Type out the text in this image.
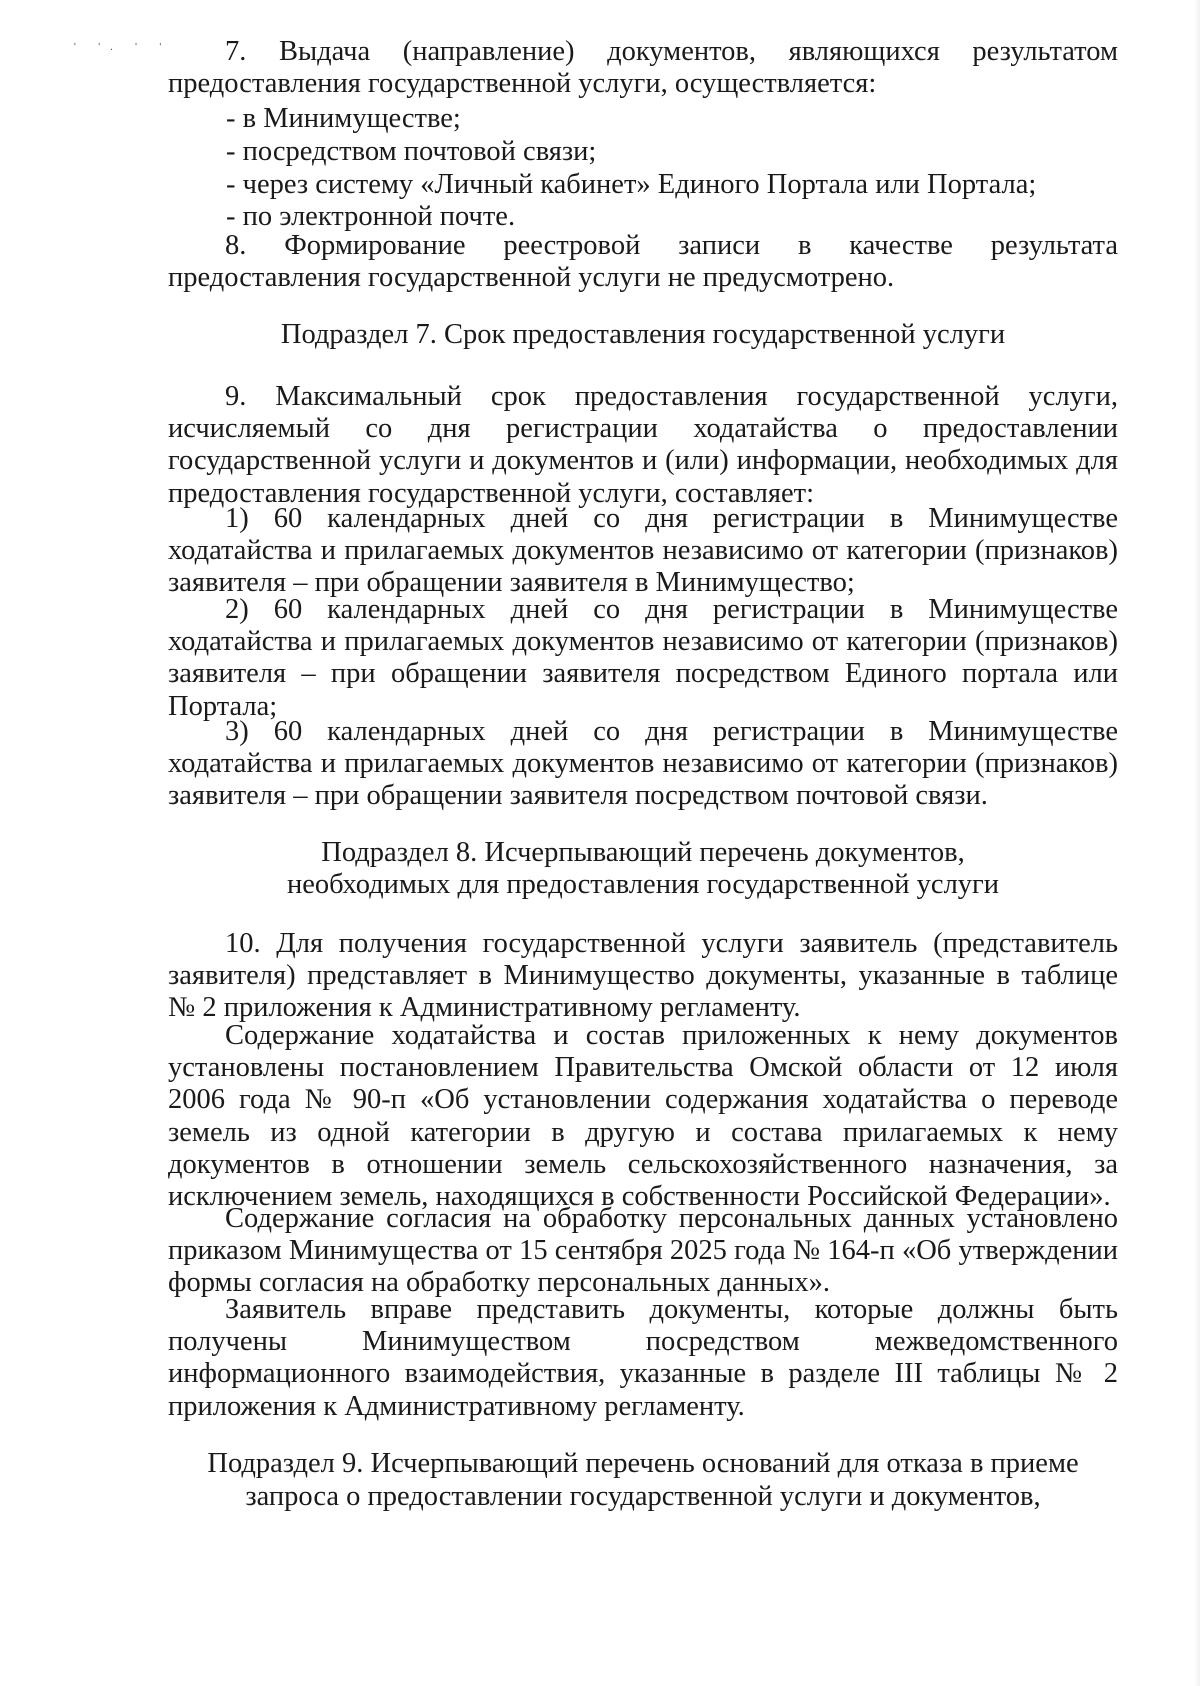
' '. ' '	7. Выдача (направление) документов, являющихся результатом предоставления государственной услуги, осуществляется:

- в Минимуществе;

- посредством почтовой связи;

- через систему «Личный кабинет» Единого Портала или Портала;

- по электронной почте.

8. Формирование реестровой записи в качестве результата предоставления государственной услуги не предусмотрено.

Подраздел 7. Срок предоставления государственной услуги

9. Максимальный срок предоставления государственной услуги, исчисляемый со дня регистрации ходатайства о предоставлении государственной услуги и документов и (или) информации, необходимых для предоставления государственной услуги, составляет:

1) 60 календарных дней со дня регистрации в Минимуществе ходатайства и прилагаемых документов независимо от категории (признаков) заявителя – при обращении заявителя в Минимущество;

2) 60 календарных дней со дня регистрации в Минимуществе ходатайства и прилагаемых документов независимо от категории (признаков) заявителя – при обращении заявителя посредством Единого портала или Портала;

3) 60 календарных дней со дня регистрации в Минимуществе ходатайства и прилагаемых документов независимо от категории (признаков) заявителя – при обращении заявителя посредством почтовой связи.

Подраздел 8. Исчерпывающий перечень документов,

необходимых для предоставления государственной услуги

10. Для получения государственной услуги заявитель (представитель заявителя) представляет в Минимущество документы, указанные в таблице № 2 приложения к Административному регламенту.

Содержание ходатайства и состав приложенных к нему документов установлены постановлением Правительства Омской области от 12 июля 2006 года № 90-п «Об установлении содержания ходатайства о переводе земель из одной категории в другую и состава прилагаемых к нему документов в отношении земель сельскохозяйственного назначения, за исключением земель, находящихся в собственности Российской Федерации».

Содержание согласия на обработку персональных данных установлено приказом Минимущества от 15 сентября 2025 года № 164-п «Об утверждении формы согласия на обработку персональных данных».

Заявитель вправе представить документы, которые должны быть получены Минимуществом посредством межведомственного информационного взаимодействия, указанные в разделе III таблицы № 2 приложения к Административному регламенту.

Подраздел 9. Исчерпывающий перечень оснований для отказа в приеме

запроса о предоставлении государственной услуги и документов,
